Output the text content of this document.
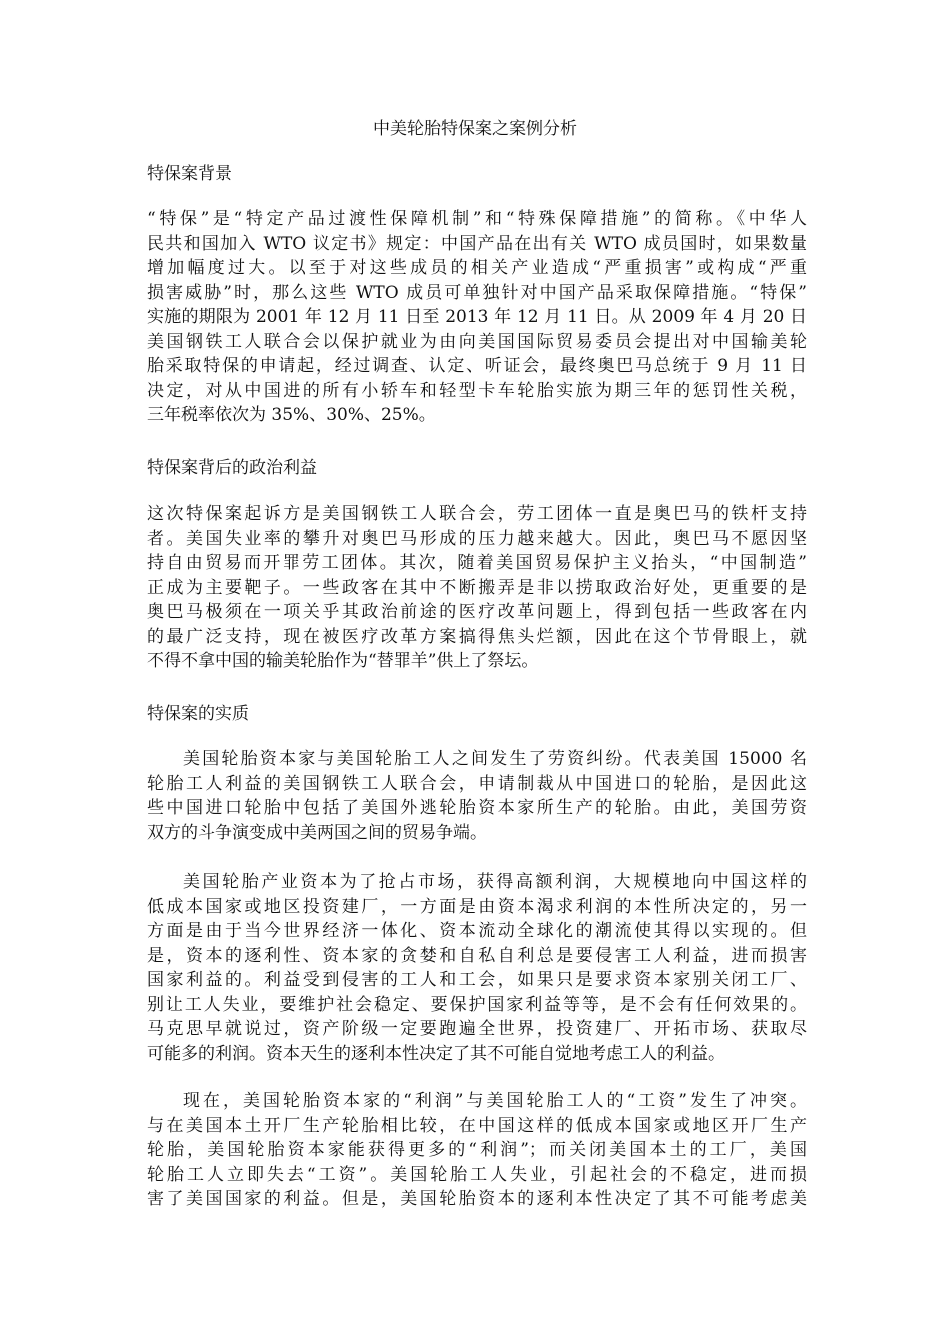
中美轮胎特保案之案例分析
特保案背景

“特保”是“特定产品过渡性保障机制”和“特殊保障措施”的简称。《中华人
民共和国加入 WTO 议定书》规定：中国产品在出有关 WTO 成员国时，如果数量
增加幅度过大。以至于对这些成员的相关产业造成“严重损害”或构成“严重
损害威胁”时，那么这些 WTO 成员可单独针对中国产品采取保障措施。“特保”
实施的期限为 2001 年 12 月 11 日至 2013 年 12 月 11 日。从 2009 年 4 月 20 日
美国钢铁工人联合会以保护就业为由向美国国际贸易委员会提出对中国输美轮
胎采取特保的申请起，经过调查、认定、听证会，最终奥巴马总统于 9 月 11 日
决定，对从中国进的所有小轿车和轻型卡车轮胎实旅为期三年的惩罚性关税，
三年税率依次为 35%、30%、25%。

特保案背后的政治利益

这次特保案起诉方是美国钢铁工人联合会，劳工团体一直是奥巴马的铁杆支持
者。美国失业率的攀升对奥巴马形成的压力越来越大。因此，奥巴马不愿因坚
持自由贸易而开罪劳工团体。其次，随着美国贸易保护主义抬头，“中国制造”
正成为主要靶子。一些政客在其中不断搬弄是非以捞取政治好处，更重要的是
奥巴马极须在一项关乎其政治前途的医疗改革问题上，得到包括一些政客在内
的最广泛支持，现在被医疗改革方案搞得焦头烂额，因此在这个节骨眼上，就
不得不拿中国的输美轮胎作为“替罪羊”供上了祭坛。

特保案的实质

美国轮胎资本家与美国轮胎工人之间发生了劳资纠纷。代表美国 15000 名
轮胎工人利益的美国钢铁工人联合会，申请制裁从中国进口的轮胎，是因此这
些中国进口轮胎中包括了美国外逃轮胎资本家所生产的轮胎。由此，美国劳资
双方的斗争演变成中美两国之间的贸易争端。

美国轮胎产业资本为了抢占市场，获得高额利润，大规模地向中国这样的
低成本国家或地区投资建厂，一方面是由资本渴求利润的本性所决定的，另一
方面是由于当今世界经济一体化、资本流动全球化的潮流使其得以实现的。但
是，资本的逐利性、资本家的贪婪和自私自利总是要侵害工人利益，进而损害
国家利益的。利益受到侵害的工人和工会，如果只是要求资本家别关闭工厂、
别让工人失业，要维护社会稳定、要保护国家利益等等，是不会有任何效果的。
马克思早就说过，资产阶级一定要跑遍全世界，投资建厂、开拓市场、获取尽
可能多的利润。资本天生的逐利本性决定了其不可能自觉地考虑工人的利益。

现在，美国轮胎资本家的“利润”与美国轮胎工人的“工资”发生了冲突。
与在美国本土开厂生产轮胎相比较，在中国这样的低成本国家或地区开厂生产
轮胎，美国轮胎资本家能获得更多的“利润”；而关闭美国本土的工厂，美国
轮胎工人立即失去“工资”。美国轮胎工人失业，引起社会的不稳定，进而损
害了美国国家的利益。但是，美国轮胎资本的逐利本性决定了其不可能考虑美
